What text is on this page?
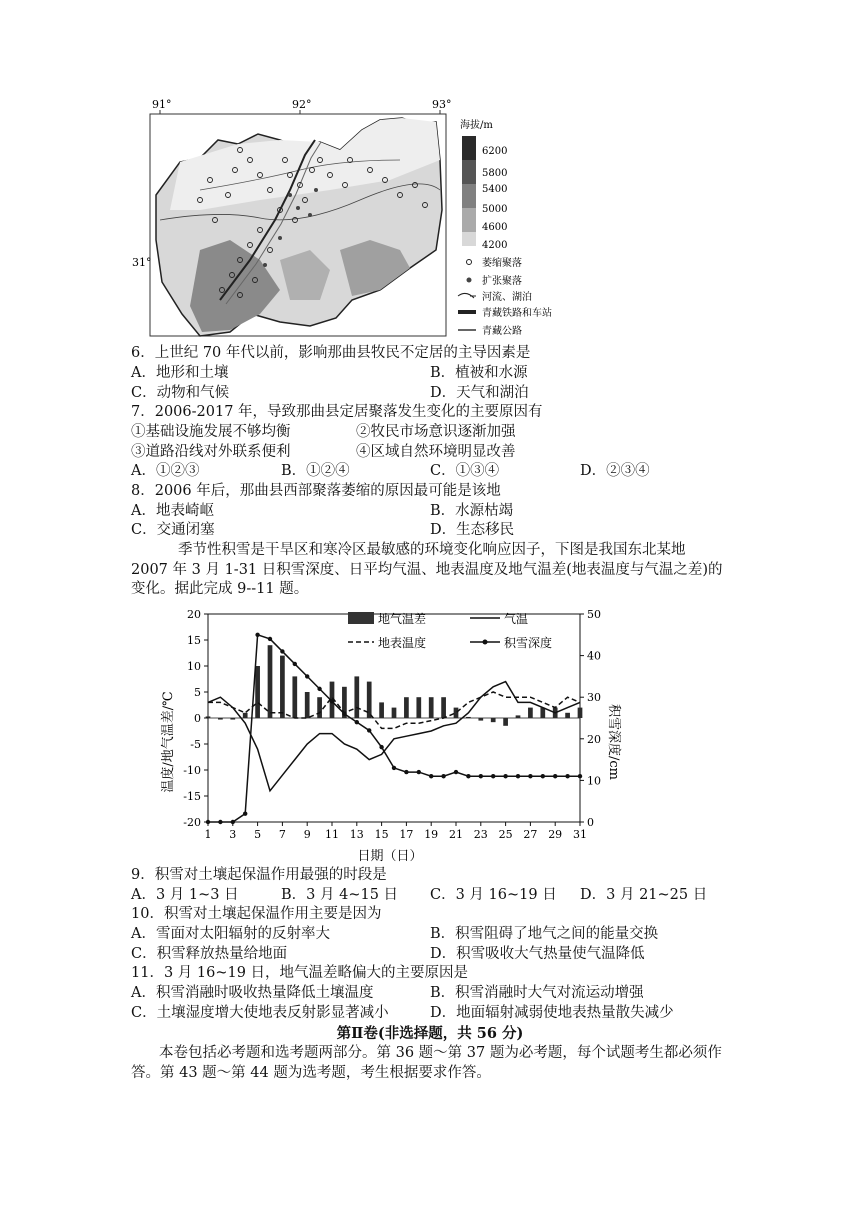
91°	92°	93°
31°
海拔/m
6200
5800
5400
5000
4600
4200
萎缩聚落
扩张聚落
河流、湖泊
青藏铁路和车站
青藏公路
6．上世纪 70 年代以前，影响那曲县牧民不定居的主导因素是
A．地形和土壤	B．植被和水源
C．动物和气候	D．天气和湖泊
7．2006-2017 年，导致那曲县定居聚落发生变化的主要原因有
①基础设施发展不够均衡	②牧民市场意识逐渐加强
③道路沿线对外联系便利	④区域自然环境明显改善
A．①②③	B．①②④	C．①③④	D．②③④
8．2006 年后，那曲县西部聚落萎缩的原因最可能是该地
A．地表崎岖	B．水源枯竭
C．交通闭塞	D．生态移民
季节性积雪是干旱区和寒冷区最敏感的环境变化响应因子，下图是我国东北某地
2007 年 3 月 1-31 日积雪深度、日平均气温、地表温度及地气温差(地表温度与气温之差)的
变化。据此完成 9--11 题。
20
15
10
5
0
-5
-10
-15
-20
50
40
30
20
10
0
1 3 5 7 9 11 13 15 17 19 21 23 25 27 29 31
地气温差	气温
地表温度	积雪深度
温度/地气温差/℃	积雪深度/cm
日期（日）
9．积雪对土壤起保温作用最强的时段是
A．3 月 1~3 日	B．3 月 4~15 日 C．3 月 16~19 日 D．3 月 21~25 日
10．积雪对土壤起保温作用主要是因为
A．雪面对太阳辐射的反射率大	B．积雪阻碍了地气之间的能量交换
C．积雪释放热量给地面	D．积雪吸收大气热量使气温降低
11．3 月 16~19 日，地气温差略偏大的主要原因是
A．积雪消融时吸收热量降低土壤温度	B．积雪消融时大气对流运动增强
C．土壤湿度增大使地表反射影显著减小	D．地面辐射减弱使地表热量散失减少
第Ⅱ卷(非选择题，共 56 分)
本卷包括必考题和选考题两部分。第 36 题～第 37 题为必考题，每个试题考生都必须作
答。第 43 题～第 44 题为选考题，考生根据要求作答。
